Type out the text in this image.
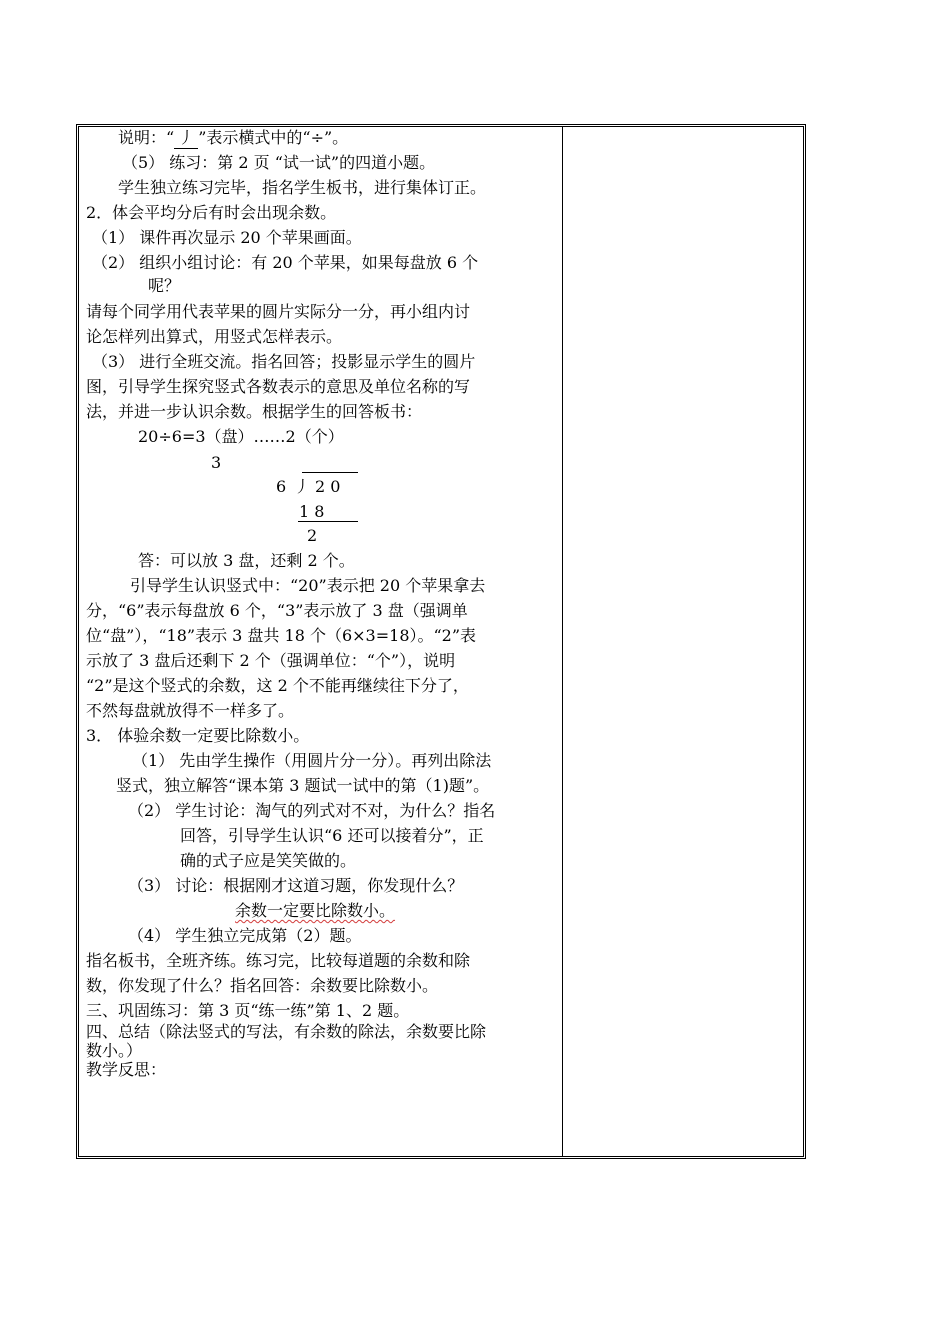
说明：“ 丿 ”表示横式中的“÷”。
（5） 练习：第 2 页 “试一试”的四道小题。
学生独立练习完毕，指名学生板书，进行集体订正。
2．体会平均分后有时会出现余数。
（1） 课件再次显示 20 个苹果画面。
（2） 组织小组讨论：有 20 个苹果，如果每盘放 6 个
呢？
请每个同学用代表苹果的圆片实际分一分，再小组内讨
论怎样列出算式，用竖式怎样表示。
（3） 进行全班交流。指名回答；投影显示学生的圆片
图，引导学生探究竖式各数表示的意思及单位名称的写
法，并进一步认识余数。根据学生的回答板书：
20÷6=3（盘）……2（个）
3
6 丿 2 0
1 8
2
答：可以放 3 盘，还剩 2 个。
引导学生认识竖式中：“20”表示把 20 个苹果拿去
分，“6”表示每盘放 6 个，“3”表示放了 3 盘（强调单
位“盘”），“18”表示 3 盘共 18 个（6×3=18）。“2”表
示放了 3 盘后还剩下 2 个（强调单位：“个”），说明
“2”是这个竖式的余数，这 2 个不能再继续往下分了，
不然每盘就放得不一样多了。
3． 体验余数一定要比除数小。
（1） 先由学生操作（用圆片分一分）。再列出除法
竖式，独立解答“课本第 3 题试一试中的第（1)题”。
（2） 学生讨论：淘气的列式对不对，为什么？指名
回答，引导学生认识“6 还可以接着分”，正
确的式子应是笑笑做的。
（3） 讨论：根据刚才这道习题，你发现什么？
余数一定要比除数小。
（4） 学生独立完成第（2）题。
指名板书，全班齐练。练习完，比较每道题的余数和除
数，你发现了什么？指名回答：余数要比除数小。
三、巩固练习：第 3 页“练一练”第 1、2 题。
四、总结（除法竖式的写法，有余数的除法，余数要比除
数小。）
教学反思：
